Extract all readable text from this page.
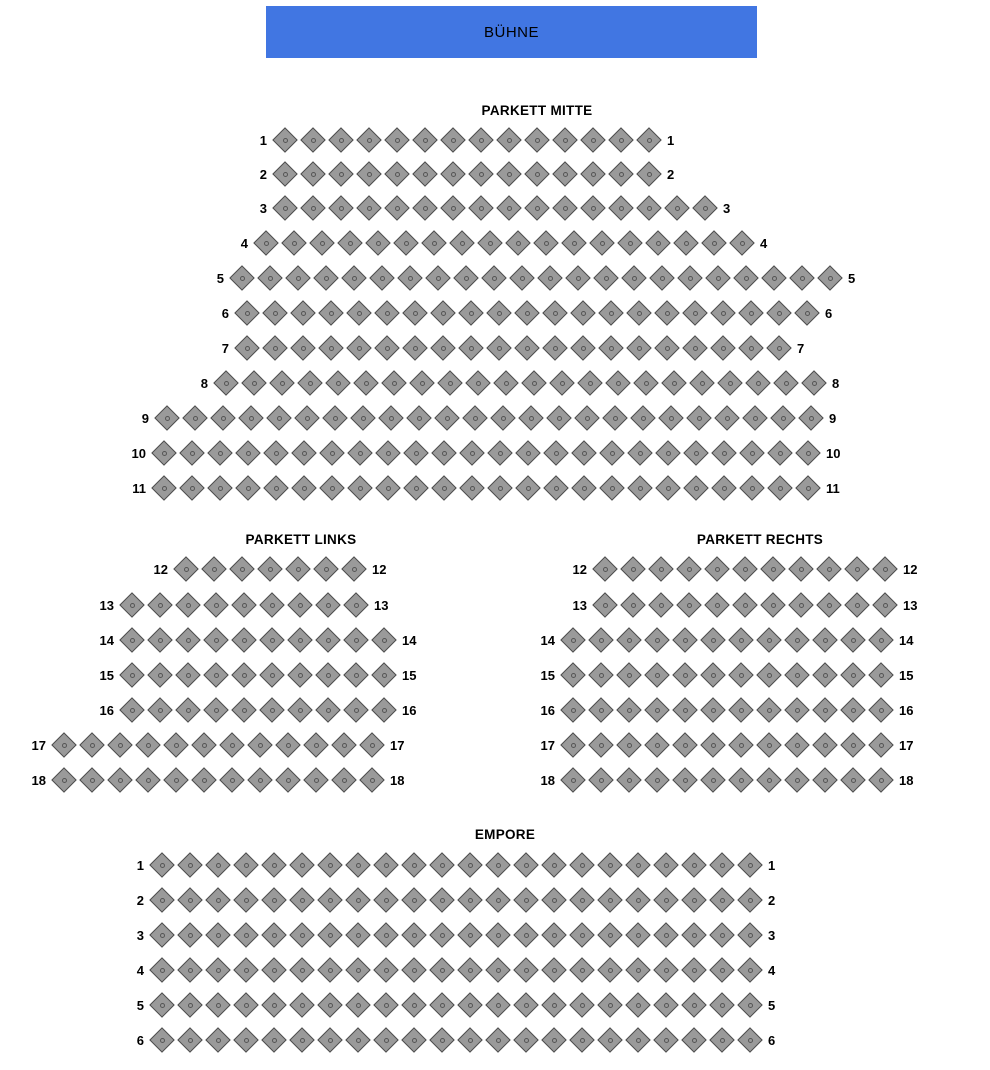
BÜHNE
PARKETT MITTE
1	1
2	2
3	3
4	4
5	5
6	6
7	7
8	8
9	9
10	10
11	11
PARKETT LINKS
12	12
13	13
14	14
15	15
16	16
17	17
18	18
PARKETT RECHTS
12	12
13	13
14	14
15	15
16	16
17	17
18	18
EMPORE
1	1
2	2
3	3
4	4
5	5
6	6
